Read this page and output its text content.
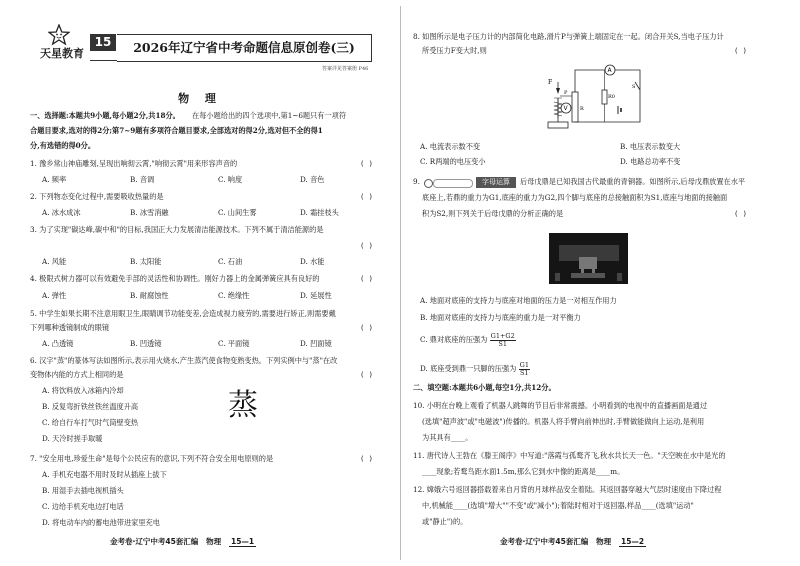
天星教育
15	2026年辽宁省中考命题信息原创卷(三)
答案详见答案册 P46
物 理
一、选择题:本题共9小题,每小题2分,共18分。 在每小题给出的四个选项中,第1~6题只有一项符
合题目要求,选对的得2分;第7~9题有多项符合题目要求,全部选对的得2分,选对但不全的得1
分,有选错的得0分。
1. 豫乡常山神庙雕刻,呈现出响彻云霄,"响彻云霄"用来形容声音的	( )
A. 频率	B. 音调	C. 响度	D. 音色
2. 下列物态变化过程中,需要吸收热量的是	( )
A. 冰水成冰	B. 冰雪消融	C. 山间生雾	D. 霜挂枝头
3. 为了实现"碳达峰,碳中和"的目标,我国正大力发展清洁能源技术。下列不属于清洁能源的是
( )
A. 风能	B. 太阳能	C. 石油	D. 水能
4. 极限式树力器可以有效避免手部的灵活性和协调性。刚好力器上的金属弹簧应具有良好的	( )
A. 弹性	B. 耐腐蚀性	C. 绝缘性	D. 延展性
5. 中学生如果长期不注意用眼卫生,眼睛调节功能变差,会造成视力疲劳的,需要进行矫正,则需要戴
下列哪种透镜制成的眼镜	( )
A. 凸透镜	B. 凹透镜	C. 平面镜	D. 凹面镜
6. 汉字"蒸"的篆体写法如图所示,表示用火烧水,产生蒸汽使食物变熟变热。下列实例中与"蒸"在改
变物体内能的方式上相同的是	( )
A. 将饮料放入冰箱内冷却
B. 反复弯折铁丝铁丝温度升高
C. 给自行车打气时气筒壁变热
D. 天冷时搓手取暖
蒸
7. "安全用电,珍爱生命"是每个公民应有的意识,下列不符合安全用电原则的是	( )
A. 手机充电器不用时及时从插座上拔下
B. 用湿手去插电视机插头
C. 边给手机充电边打电话
D. 将电动车内的蓄电池带进家里充电
金考卷·辽宁中考45套汇编 物理 15—1
8. 如图所示是电子压力计的内部简化电路,滑片P与弹簧上端固定在一起。闭合开关S,当电子压力计
所受压力F变大时,则	( )
F
P
R
V
A
R0
S
A. 电流表示数不变	B. 电压表示数变大
C. R两端的电压变小	D. 电路总功率不变
9.	字母运算	后母戊鼎是已知我国古代最重的青铜器。如图所示,后母戊鼎放置在水平
底座上,若鼎的重力为G1,底座的重力为G2,四个脚与底座的总接触面积为S1,底座与地面的接触面
积为S2,则下列关于后母戊鼎的分析正确的是	( )
A. 地面对底座的支持力与底座对地面的压力是一对相互作用力
B. 地面对底座的支持力与底座的重力是一对平衡力
C. 鼎对底座的压强为 $\frac{G1+G2}{S1}$
D. 底座受到鼎一只脚的压强为 $\frac{G1}{S1}$
二、填空题:本题共6小题,每空1分,共12分。
10. 小明在台晚上观看了机器人跳舞的节目后非常震撼。小明看到的电视中的直播画面是通过
(选填"超声波"或"电磁波")传播的。机器人将手臂向前伸出时,手臂做能做向上运动,是利用
为其具有____。
11. 唐代诗人王勃在《滕王阁序》中写道:"落霞与孤鹜齐飞,秋水共长天一色。"天空映在水中是光的
____现象;若鹜鸟距水面1.5m,那么它到水中像的距离是____m。
12. 嫦娥六号返回器搭载着来自月背的月球样品安全着陆。其返回器穿越大气层时速度由下降过程
中,机械能____(选填"增大""不变"或"减小");着陆时相对于返回器,样品____(选填"运动"
或"静止")的。
金考卷·辽宁中考45套汇编 物理 15—2
